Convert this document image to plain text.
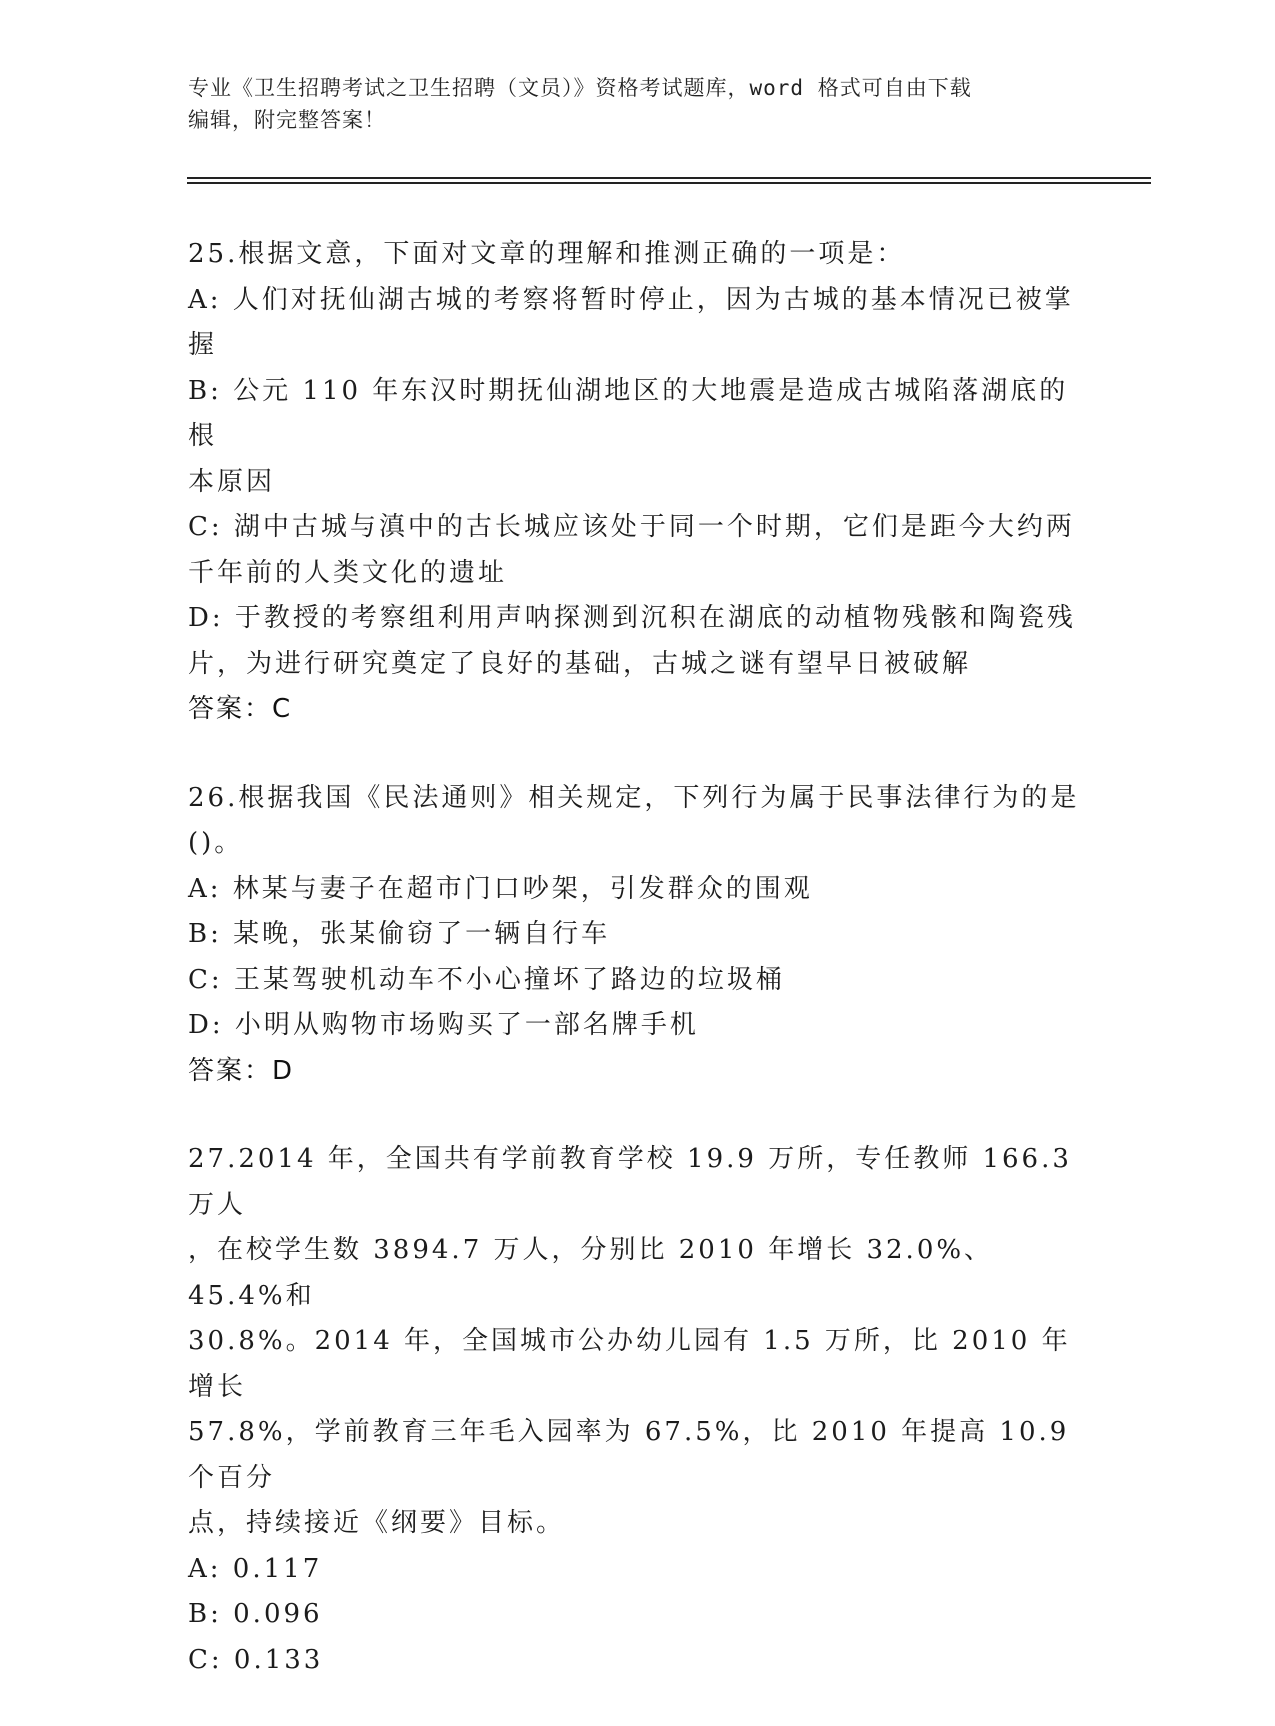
专业《卫生招聘考试之卫生招聘（文员）》资格考试题库，word 格式可自由下载
编辑，附完整答案！

25.根据文意，下面对文章的理解和推测正确的一项是：

A: 人们对抚仙湖古城的考察将暂时停止，因为古城的基本情况已被掌

握

B: 公元 110 年东汉时期抚仙湖地区的大地震是造成古城陷落湖底的根

本原因

C: 湖中古城与滇中的古长城应该处于同一个时期，它们是距今大约两

千年前的人类文化的遗址

D: 于教授的考察组利用声呐探测到沉积在湖底的动植物残骸和陶瓷残

片，为进行研究奠定了良好的基础，古城之谜有望早日被破解

答案：C

26.根据我国《民法通则》相关规定，下列行为属于民事法律行为的是

()。

A: 林某与妻子在超市门口吵架，引发群众的围观

B: 某晚，张某偷窃了一辆自行车

C: 王某驾驶机动车不小心撞坏了路边的垃圾桶

D: 小明从购物市场购买了一部名牌手机

答案：D

27.2014 年，全国共有学前教育学校 19.9 万所，专任教师 166.3 万人

，在校学生数 3894.7 万人，分别比 2010 年增长 32.0%、45.4%和

30.8%。2014 年，全国城市公办幼儿园有 1.5 万所，比 2010 年增长

57.8%，学前教育三年毛入园率为 67.5%，比 2010 年提高 10.9 个百分

点，持续接近《纲要》目标。

A: 0.117

B: 0.096

C: 0.133
